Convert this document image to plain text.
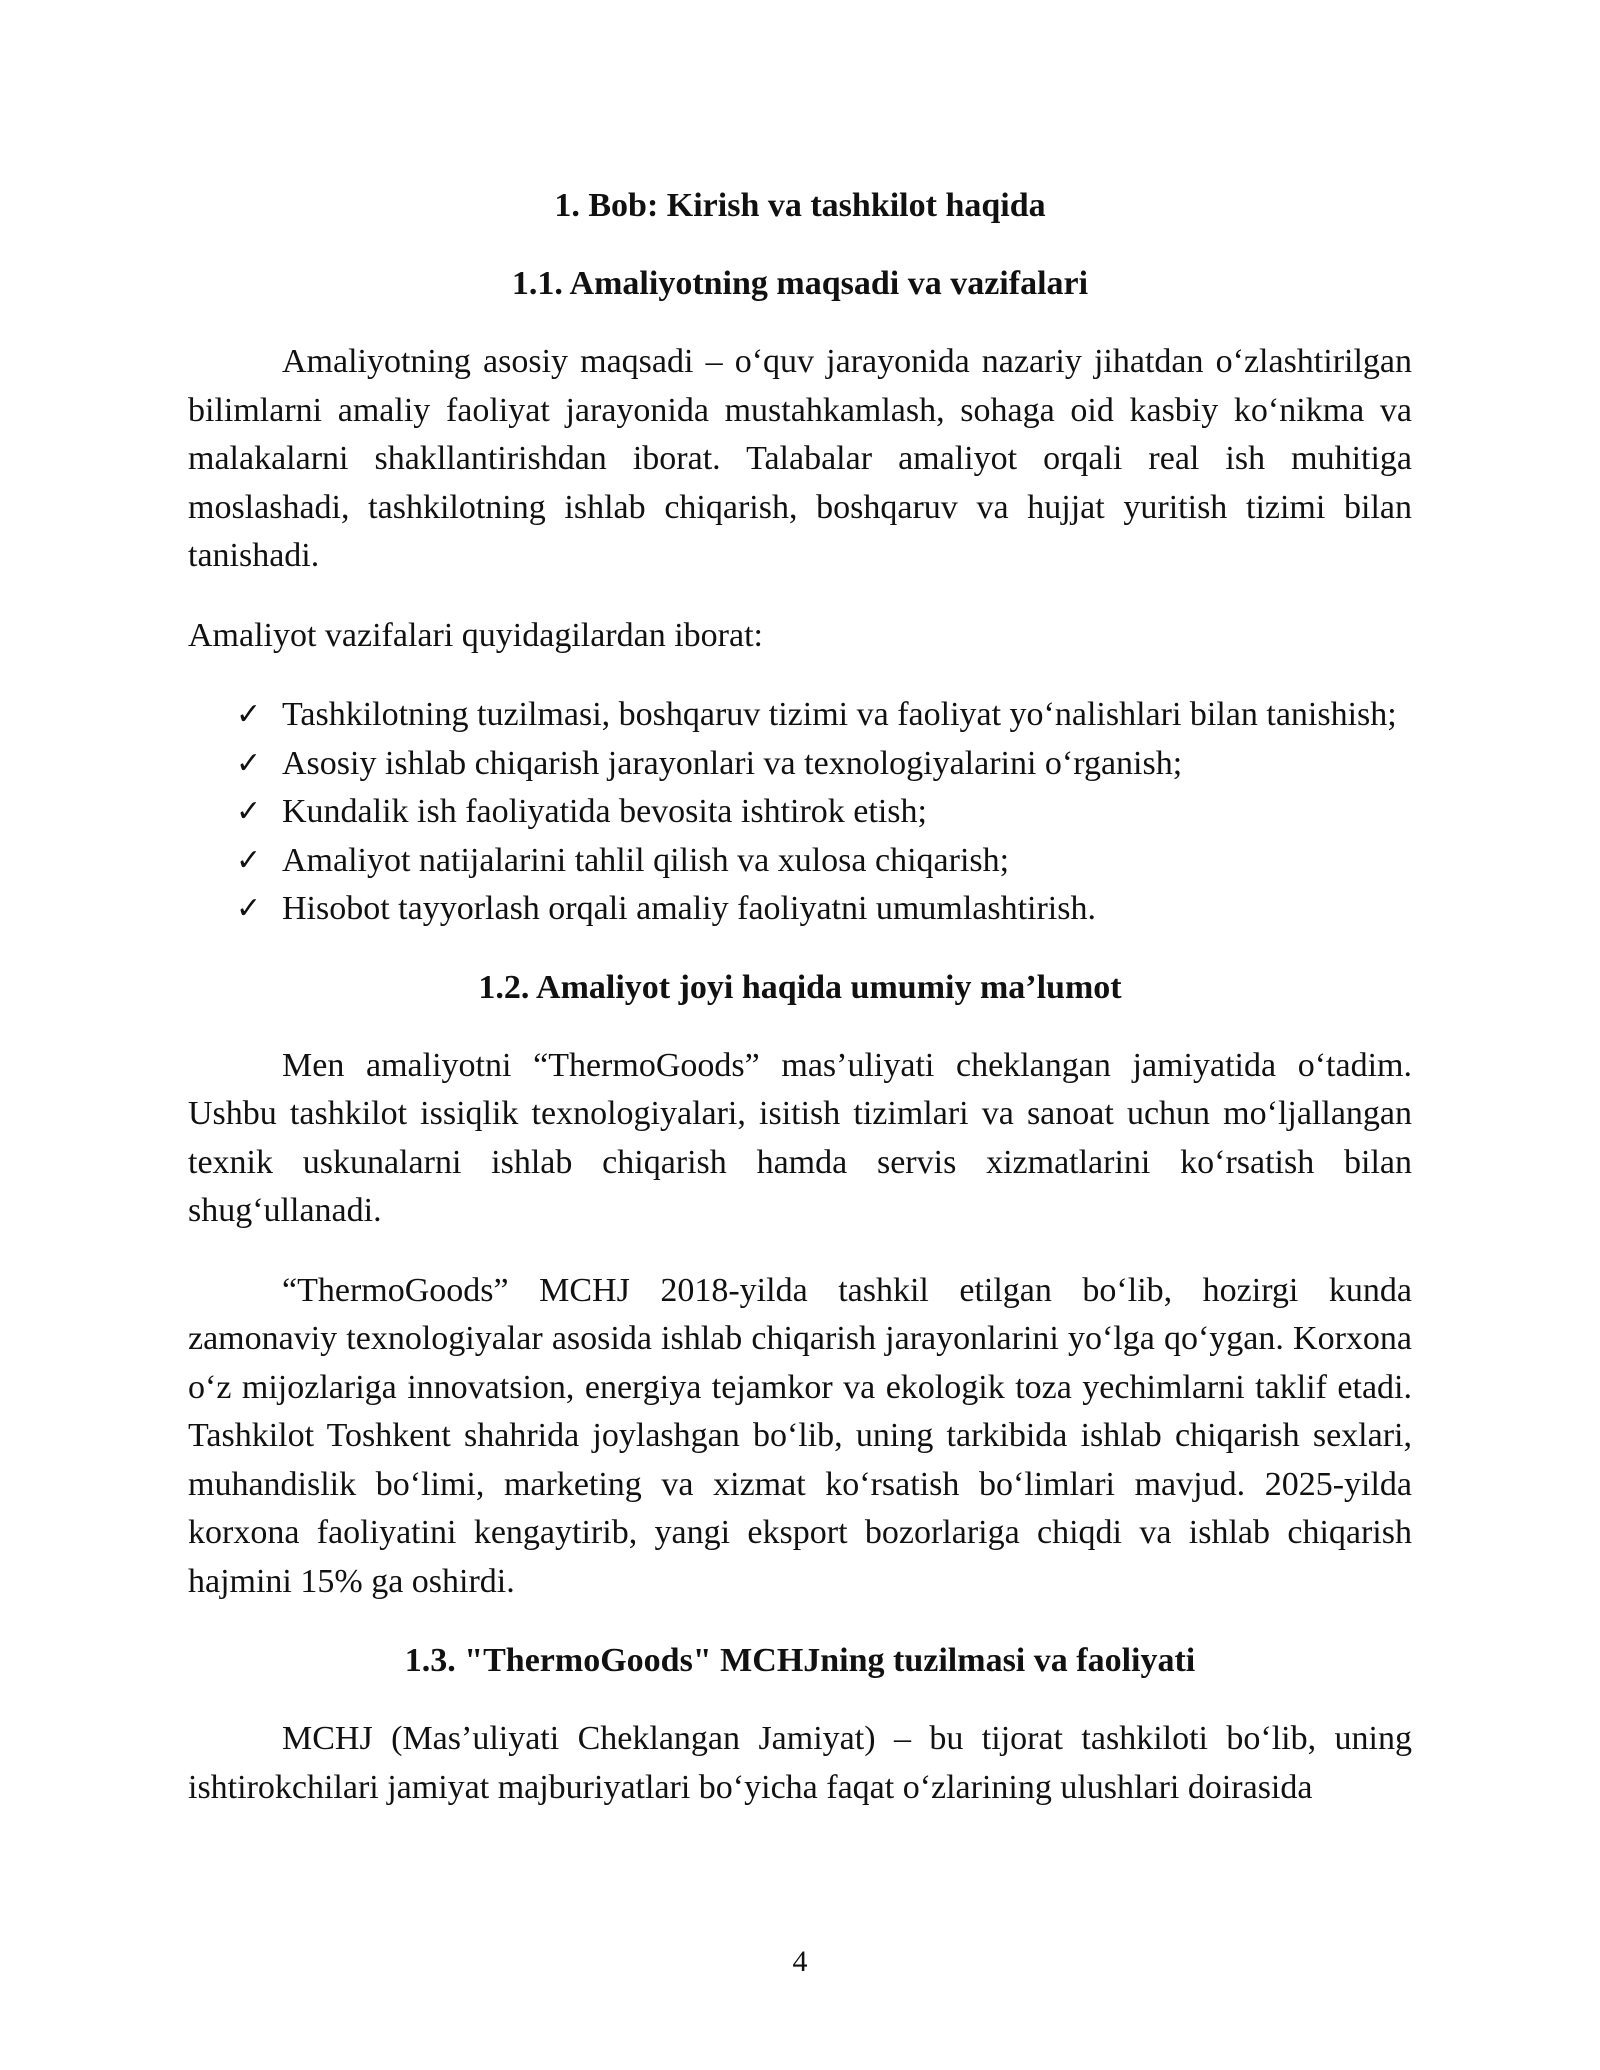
1. Bob: Kirish va tashkilot haqida
1.1. Amaliyotning maqsadi va vazifalari

Amaliyotning asosiy maqsadi – oʻquv jarayonida nazariy jihatdan oʻzlashtirilgan bilimlarni amaliy faoliyat jarayonida mustahkamlash, sohaga oid kasbiy koʻnikma va malakalarni shakllantirishdan iborat. Talabalar amaliyot orqali real ish muhitiga moslashadi, tashkilotning ishlab chiqarish, boshqaruv va hujjat yuritish tizimi bilan tanishadi.

Amaliyot vazifalari quyidagilardan iborat:

✓ Tashkilotning tuzilmasi, boshqaruv tizimi va faoliyat yoʻnalishlari bilan tanishish;
✓ Asosiy ishlab chiqarish jarayonlari va texnologiyalarini oʻrganish;
✓ Kundalik ish faoliyatida bevosita ishtirok etish;
✓ Amaliyot natijalarini tahlil qilish va xulosa chiqarish;
✓ Hisobot tayyorlash orqali amaliy faoliyatni umumlashtirish.
1.2. Amaliyot joyi haqida umumiy ma’lumot

Men amaliyotni “ThermoGoods” mas’uliyati cheklangan jamiyatida oʻtadim. Ushbu tashkilot issiqlik texnologiyalari, isitish tizimlari va sanoat uchun moʻljallangan texnik uskunalarni ishlab chiqarish hamda servis xizmatlarini koʻrsatish bilan shugʻullanadi.

“ThermoGoods” MCHJ 2018-yilda tashkil etilgan boʻlib, hozirgi kunda zamonaviy texnologiyalar asosida ishlab chiqarish jarayonlarini yoʻlga qoʻygan. Korxona oʻz mijozlariga innovatsion, energiya tejamkor va ekologik toza yechimlarni taklif etadi. Tashkilot Toshkent shahrida joylashgan boʻlib, uning tarkibida ishlab chiqarish sexlari, muhandislik boʻlimi, marketing va xizmat koʻrsatish boʻlimlari mavjud. 2025-yilda korxona faoliyatini kengaytirib, yangi eksport bozorlariga chiqdi va ishlab chiqarish hajmini 15% ga oshirdi.

1.3. "ThermoGoods" MCHJning tuzilmasi va faoliyati

MCHJ (Mas’uliyati Cheklangan Jamiyat) – bu tijorat tashkiloti boʻlib, uning ishtirokchilari jamiyat majburiyatlari boʻyicha faqat oʻzlarining ulushlari doirasida

4
